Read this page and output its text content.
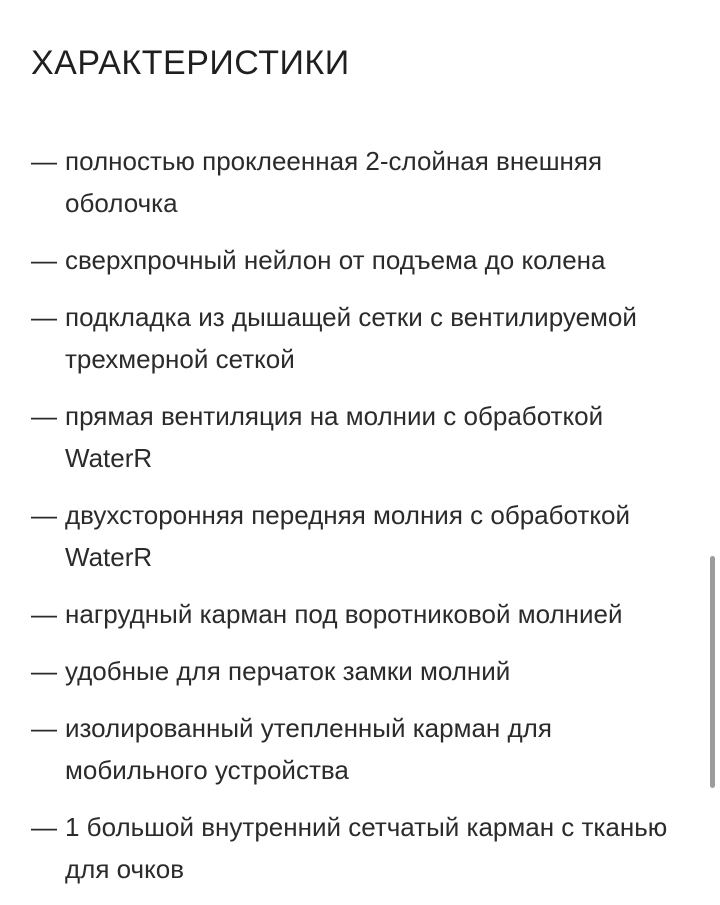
ХАРАКТЕРИСТИКИ
— полностью проклеенная 2-слойная внешняя оболочка
— сверхпрочный нейлон от подъема до колена
— подкладка из дышащей сетки с вентилируемой трехмерной сеткой
— прямая вентиляция на молнии с обработкой WaterR
— двухсторонняя передняя молния с обработкой WaterR
— нагрудный карман под воротниковой молнией
— удобные для перчаток замки молний
— изолированный утепленный карман для мобильного устройства
— 1 большой внутренний сетчатый карман с тканью для очков
